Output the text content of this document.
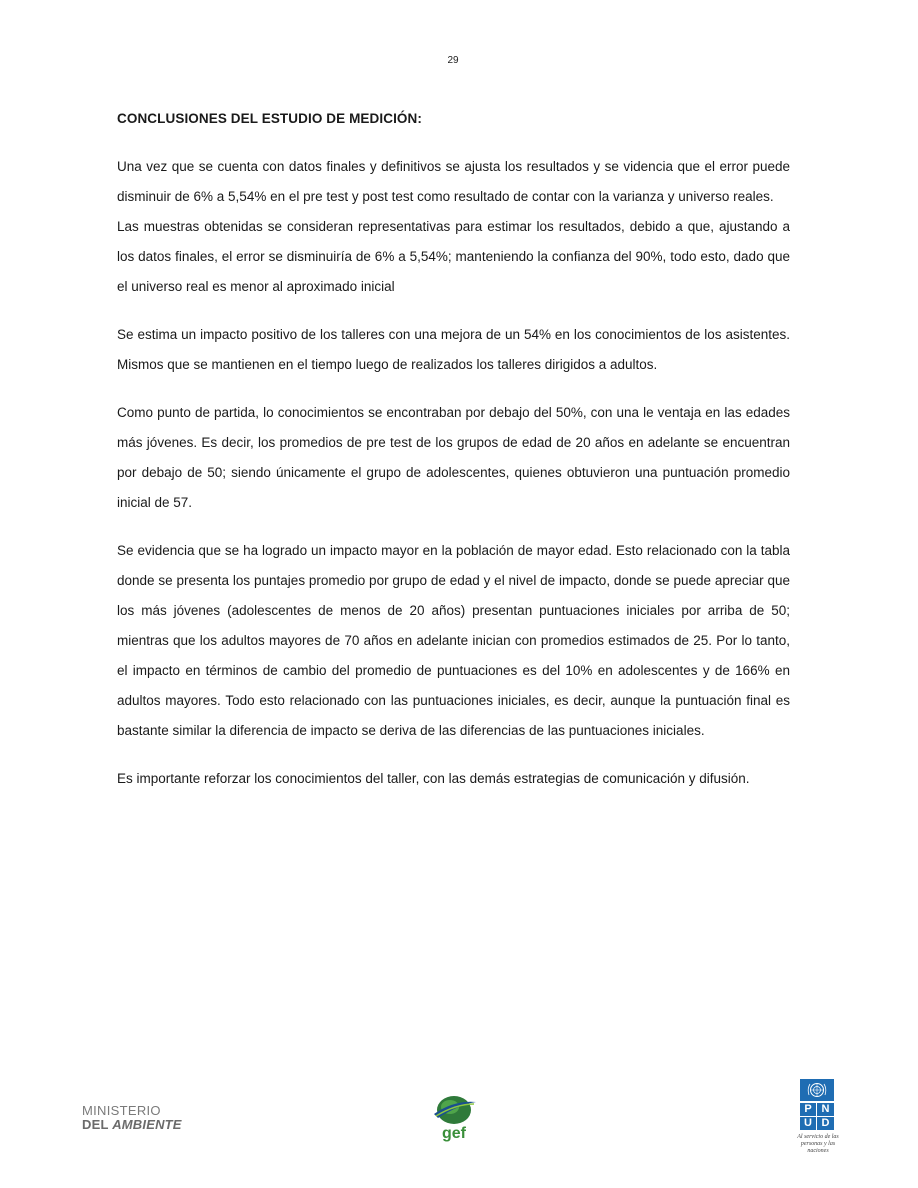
29
CONCLUSIONES DEL ESTUDIO DE MEDICIÓN:

Una vez que se cuenta con datos finales y definitivos se ajusta los resultados y se videncia que el error puede disminuir de 6% a 5,54% en el pre test y post test como resultado de contar con la varianza y universo reales.

Las muestras obtenidas se consideran representativas para estimar los resultados, debido a que, ajustando a los datos finales, el error se disminuiría de 6% a 5,54%; manteniendo la confianza del 90%, todo esto, dado que el universo real es menor al aproximado inicial

Se estima un impacto positivo de los talleres con una mejora de un 54% en los conocimientos de los asistentes. Mismos que se mantienen en el tiempo luego de realizados los talleres dirigidos a adultos.

Como punto de partida, lo conocimientos se encontraban por debajo del 50%, con una le ventaja en las edades más jóvenes. Es decir, los promedios de pre test de los grupos de edad de 20 años en adelante se encuentran por debajo de 50; siendo únicamente el grupo de adolescentes, quienes obtuvieron una puntuación promedio inicial de 57.

Se evidencia que se ha logrado un impacto mayor en la población de mayor edad. Esto relacionado con la tabla donde se presenta los puntajes promedio por grupo de edad y el nivel de impacto, donde se puede apreciar que los más jóvenes (adolescentes de menos de 20 años) presentan puntuaciones iniciales por arriba de 50; mientras que los adultos mayores de 70 años en adelante inician con promedios estimados de 25. Por lo tanto, el impacto en términos de cambio del promedio de puntuaciones es del 10% en adolescentes y de 166% en adultos mayores. Todo esto relacionado con las puntuaciones iniciales, es decir, aunque la puntuación final es bastante similar la diferencia de impacto se deriva de las diferencias de las puntuaciones iniciales.

Es importante reforzar los conocimientos del taller, con las demás estrategias de comunicación y difusión.

MINISTERIO
DEL AMBIENTE
gef
P N
U D
Al servicio de las personas y las naciones
